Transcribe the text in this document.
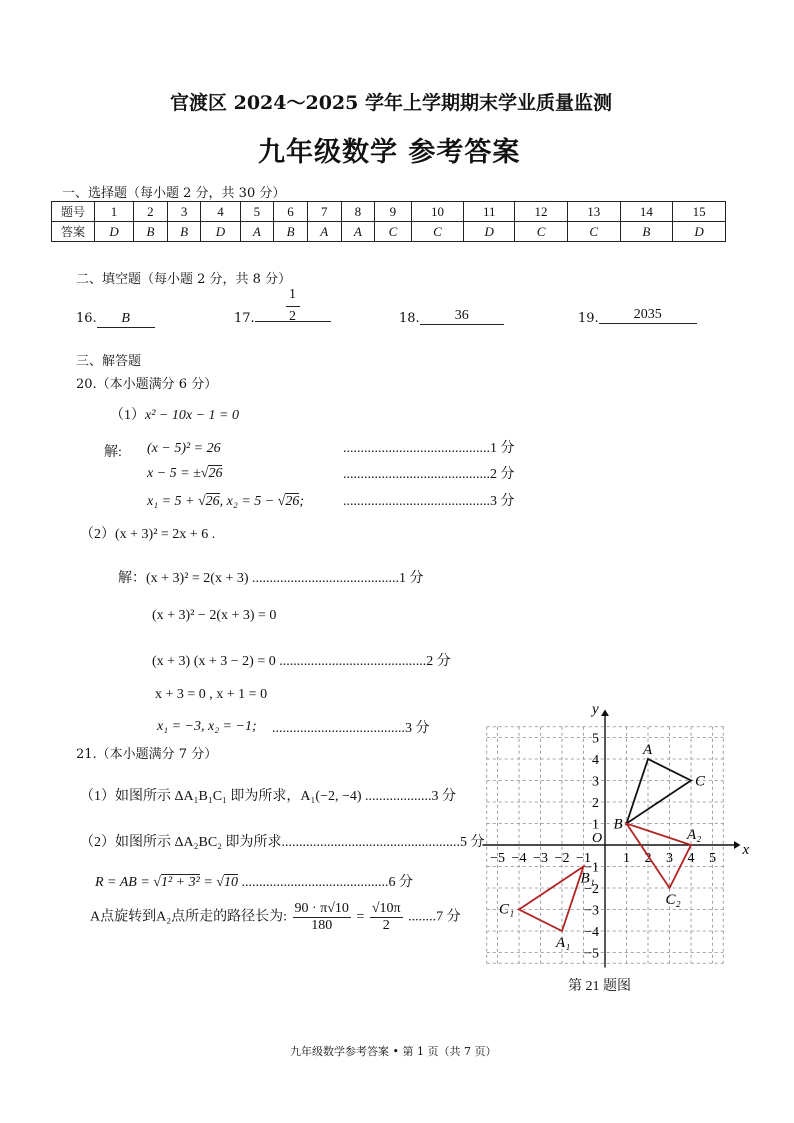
官渡区 2024～2025 学年上学期期末学业质量监测
九年级数学 参考答案
一、选择题（每小题 2 分，共 30 分）
题号	1	2	3	4	5	6	7	8	9	10	11	12	13	14	15
答案	D	B	B	D	A	B	A	A	C	C	D	C	C	B	D
二、填空题（每小题 2 分，共 8 分）
16. B	17.
1
2	18.	36	19.	2035
三、解答题
20.（本小题满分 6 分）
（1）x² − 10x − 1 = 0
解: (x − 5)² = 26	..........................................1 分
x − 5 = ±√26	..........................................2 分
x₁ = 5 + √26, x₂ = 5 − √26;	..........................................3 分
（2）(x + 3)² = 2x + 6 .
解：(x + 3)² = 2(x + 3) ..........................................1 分
(x + 3)² − 2(x + 3) = 0
(x + 3) (x + 3 − 2) = 0 ..........................................2 分
x + 3 = 0 , x + 1 = 0
x₁ = −3, x₂ = −1; ......................................3 分
21.（本小题满分 7 分）
（1）如图所示 ΔA₁B₁C₁ 即为所求，A₁(−2, −4) ...................3 分
（2）如图所示 ΔA₂BC₂ 即为所求...................................................5 分
R = AB = √1² + 3² = √10 ..........................................6 分
A点旋转到A₂点所走的路径长为: $\frac{90 \cdot \pi√10}{180} = \frac{√10\pi}{2} ........7$ 分
x
y
O
−5 −4 −3 −2 −1 1 2 3 4 5
5
4
3
2
1
−1
−2
−3
−4
−5
A
B
C
A₁
B₁
C₁
A₂
C₂
第 21 题图
九年级数学参考答案 • 第 1 页（共 7 页）
